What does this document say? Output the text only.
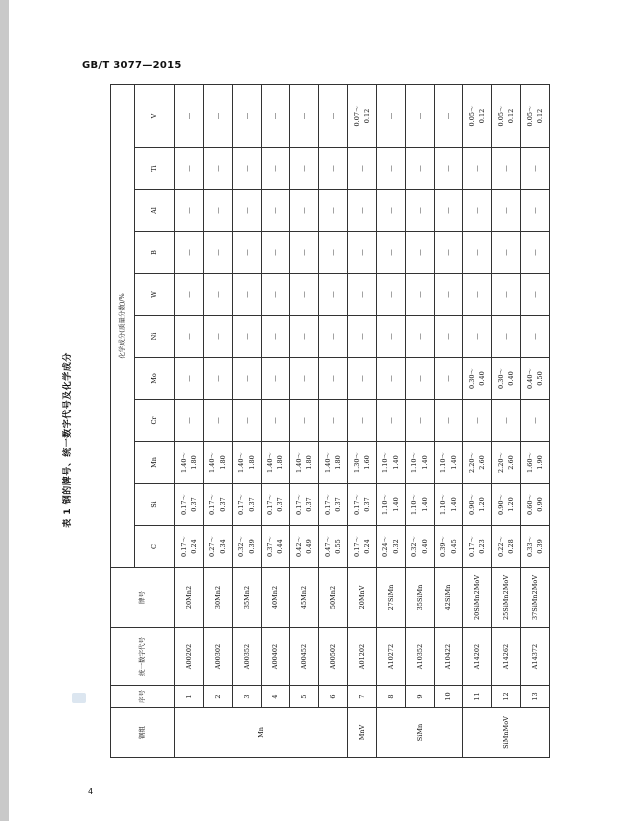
GB/T 3077—2015
表 1 钢的牌号、统一数字代号及化学成分
钢组	序号	统一数字代号	牌号	化学成分(质量分数)/%										
				C	Si	Mn	Cr	Mo	Ni	W	B	Al	Ti	V
Mn	1	A00202	20Mn2	0.17～ 0.24	0.17～ 0.37	1.40～ 1.80	—	—	—	—	—	—	—	—
	2	A00302	30Mn2	0.27～ 0.34	0.17～ 0.37	1.40～ 1.80	—	—	—	—	—	—	—	—
	3	A00352	35Mn2	0.32～ 0.39	0.17～ 0.37	1.40～ 1.80	—	—	—	—	—	—	—	—
	4	A00402	40Mn2	0.37～ 0.44	0.17～ 0.37	1.40～ 1.80	—	—	—	—	—	—	—	—
	5	A00452	45Mn2	0.42～ 0.49	0.17～ 0.37	1.40～ 1.80	—	—	—	—	—	—	—	—
	6	A00502	50Mn2	0.47～ 0.55	0.17～ 0.37	1.40～ 1.80	—	—	—	—	—	—	—	—
MnV	7	A01202	20MnV	0.17～ 0.24	0.17～ 0.37	1.30～ 1.60	—	—	—	—	—	—	—	0.07～ 0.12

SiMn	8	A10272	27SiMn	0.24～ 0.32	1.10～ 1.40	1.10～ 1.40	—	—	—	—	—	—	—	—
	9	A10352	35SiMn	0.32～ 0.40	1.10～ 1.40	1.10～ 1.40	—	—	—	—	—	—	—	—
	10	A10422	42SiMn	0.39～ 0.45	1.10～ 1.40	1.10～ 1.40	—	—	—	—	—	—	—	—
SiMnMoV	11	A14202	20SiMn2MoV	0.17～ 0.23	0.90～ 1.20	2.20～ 2.60	—	0.30～ 0.40	—	—	—	—	—	0.05～ 0.12

	12	A14262	25SiMn2MoV	0.22～ 0.28	0.90～ 1.20	2.20～ 2.60	—	0.30～ 0.40	—	—	—	—	—	0.05～ 0.12

	13	A14372	37SiMn2MoV	0.33～ 0.39	0.60～ 0.90	1.60～ 1.90	—	0.40～ 0.50	—	—	—	—	—	0.05～ 0.12
4
